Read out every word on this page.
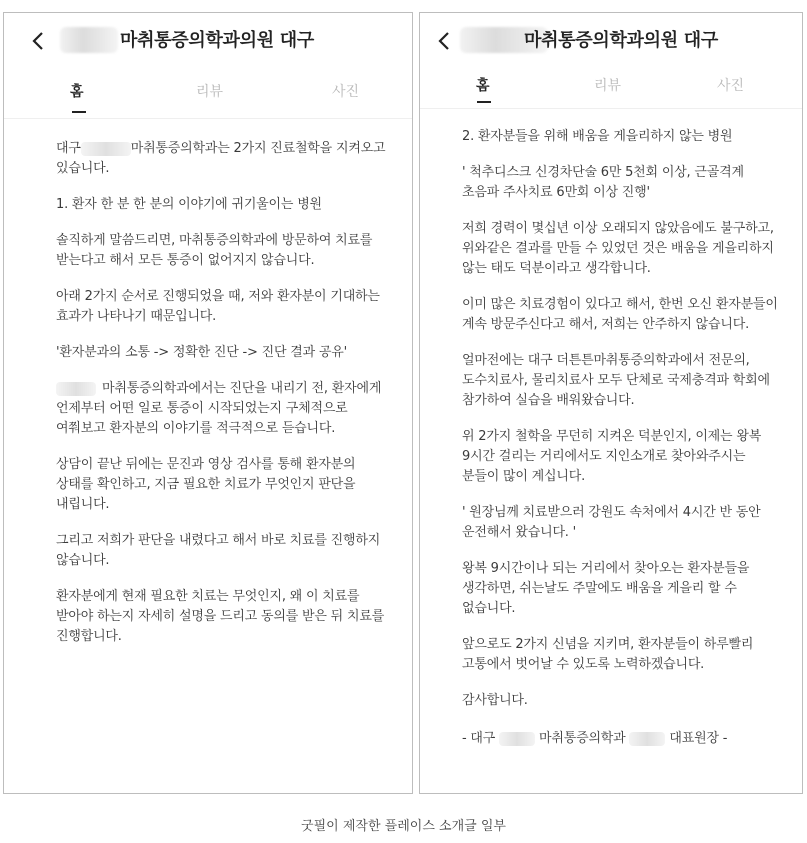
마취통증의학과의원 대구
홈	리뷰	사진

대구	마취통증의학과는 2가지 진료철학을 지켜오고 있습니다.

1. 환자 한 분 한 분의 이야기에 귀기울이는 병원

솔직하게 말씀드리면, 마취통증의학과에 방문하여 치료를 받는다고 해서 모든 통증이 없어지지 않습니다.

아래 2가지 순서로 진행되었을 때, 저와 환자분이 기대하는 효과가 나타나기 때문입니다.

'환자분과의 소통 -> 정확한 진단 -> 진단 결과 공유'

마취통증의학과에서는 진단을 내리기 전, 환자에게 언제부터 어떤 일로 통증이 시작되었는지 구체적으로 여쭤보고 환자분의 이야기를 적극적으로 듣습니다.

상담이 끝난 뒤에는 문진과 영상 검사를 통해 환자분의 상태를 확인하고, 지금 필요한 치료가 무엇인지 판단을 내립니다.

그리고 저희가 판단을 내렸다고 해서 바로 치료를 진행하지 않습니다.

환자분에게 현재 필요한 치료는 무엇인지, 왜 이 치료를 받아야 하는지 자세히 설명을 드리고 동의를 받은 뒤 치료를 진행합니다.

마취통증의학과의원 대구
홈	리뷰	사진

2. 환자분들을 위해 배움을 게을리하지 않는 병원

' 척추디스크 신경차단술 6만 5천회 이상, 근골격계 초음파 주사치료 6만회 이상 진행'

저희 경력이 몇십년 이상 오래되지 않았음에도 불구하고, 위와같은 결과를 만들 수 있었던 것은 배움을 게을리하지 않는 태도 덕분이라고 생각합니다.

이미 많은 치료경험이 있다고 해서, 한번 오신 환자분들이 계속 방문주신다고 해서, 저희는 안주하지 않습니다.

얼마전에는 대구 더튼튼마취통증의학과에서 전문의, 도수치료사, 물리치료사 모두 단체로 국제충격파 학회에 참가하여 실습을 배워왔습니다.

위 2가지 철학을 무던히 지켜온 덕분인지, 이제는 왕복 9시간 걸리는 거리에서도 지인소개로 찾아와주시는 분들이 많이 계십니다.

' 원장님께 치료받으러 강원도 속처에서 4시간 반 동안 운전해서 왔습니다. '

왕복 9시간이나 되는 거리에서 찾아오는 환자분들을 생각하면, 쉬는날도 주말에도 배움을 게을리 할 수 없습니다.

앞으로도 2가지 신념을 지키며, 환자분들이 하루빨리 고통에서 벗어날 수 있도록 노력하겠습니다.

감사합니다.

- 대구	마취통증의학과	대표원장 -

굿필이 제작한 플레이스 소개글 일부
